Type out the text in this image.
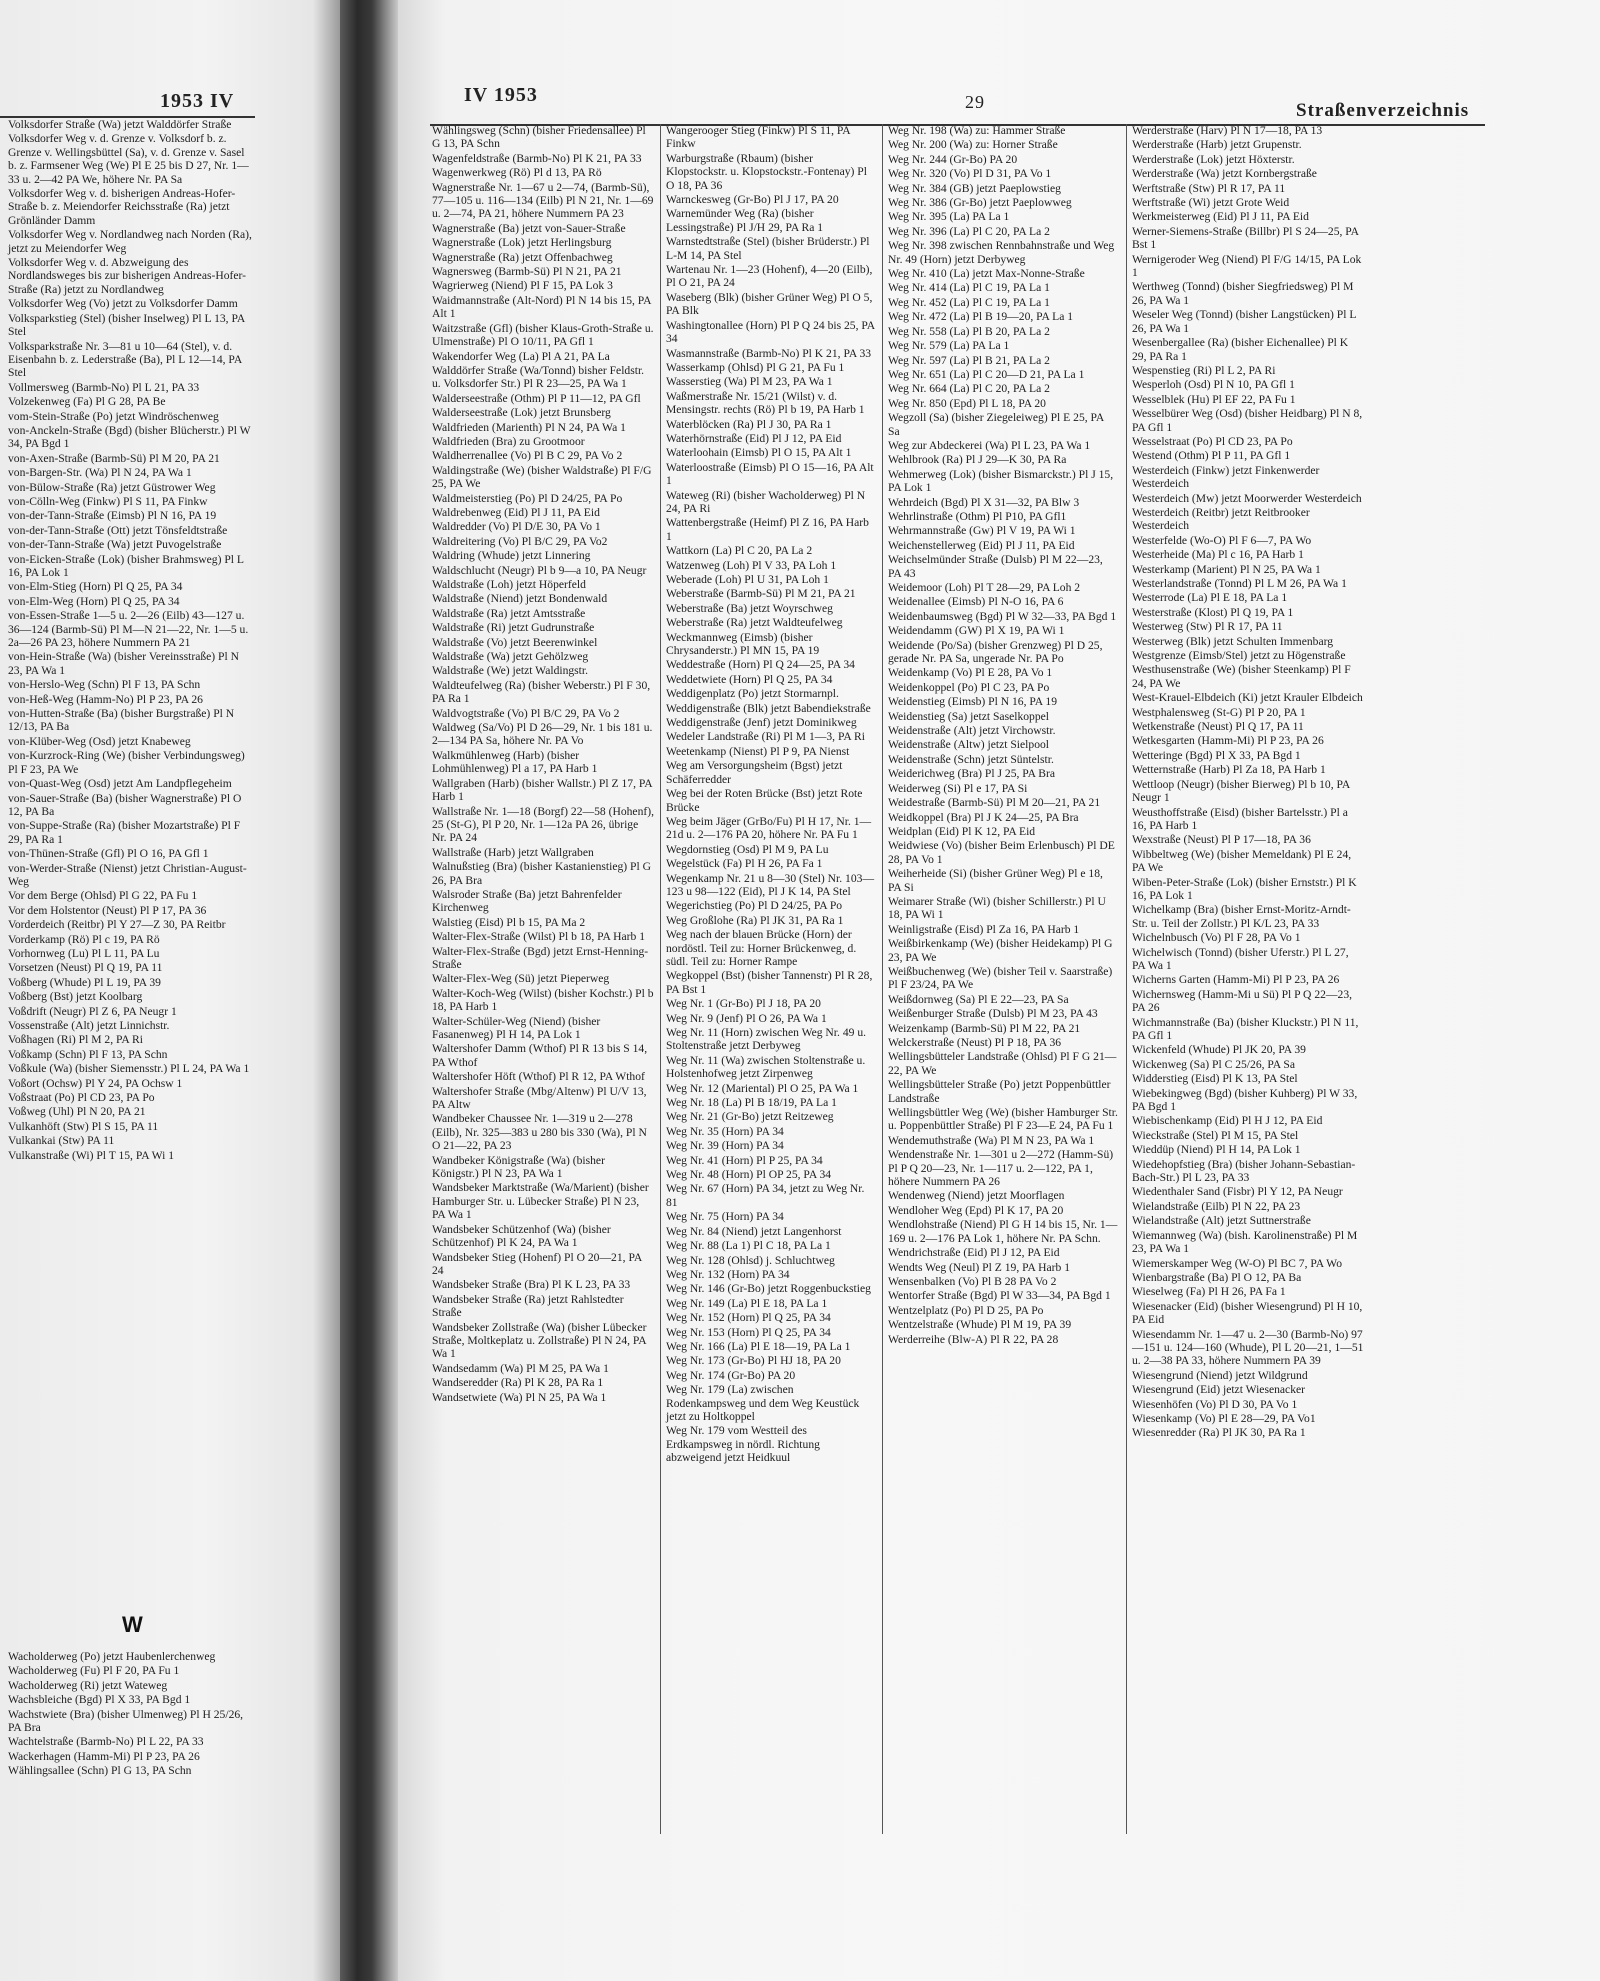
1953 IV
Volksdorfer Straße (Wa) jetzt Walddörfer Straße
Volksdorfer Weg v. d. Grenze v. Volksdorf b. z. Grenze v. Wellingsbüttel (Sa), v. d. Grenze v. Sasel b. z. Farmsener Weg (We) Pl E 25 bis D 27, Nr. 1—33 u. 2—42 PA We, höhere Nr. PA Sa
Volksdorfer Weg v. d. bisherigen Andreas-Hofer-Straße b. z. Meiendorfer Reichsstraße (Ra) jetzt Grönländer Damm
Volksdorfer Weg v. Nordlandweg nach Norden (Ra), jetzt zu Meiendorfer Weg
Volksdorfer Weg v. d. Abzweigung des Nordlandsweges bis zur bisherigen Andreas-Hofer-Straße (Ra) jetzt zu Nordlandweg
Volksdorfer Weg (Vo) jetzt zu Volksdorfer Damm
Volksparkstieg (Stel) (bisher Inselweg) Pl L 13, PA Stel
Volksparkstraße Nr. 3—81 u 10—64 (Stel), v. d. Eisenbahn b. z. Lederstraße (Ba), Pl L 12—14, PA Stel
Vollmersweg (Barmb-No) Pl L 21, PA 33
Volzekenweg (Fa) Pl G 28, PA Be
vom-Stein-Straße (Po) jetzt Windröschenweg
von-Anckeln-Straße (Bgd) (bisher Blücherstr.) Pl W 34, PA Bgd 1
von-Axen-Straße (Barmb-Sü) Pl M 20, PA 21
von-Bargen-Str. (Wa) Pl N 24, PA Wa 1
von-Bülow-Straße (Ra) jetzt Güstrower Weg
von-Cölln-Weg (Finkw) Pl S 11, PA Finkw
von-der-Tann-Straße (Eimsb) Pl N 16, PA 19
von-der-Tann-Straße (Ott) jetzt Tönsfeldtstraße
von-der-Tann-Straße (Wa) jetzt Puvogelstraße
von-Eicken-Straße (Lok) (bisher Brahmsweg) Pl L 16, PA Lok 1
von-Elm-Stieg (Horn) Pl Q 25, PA 34
von-Elm-Weg (Horn) Pl Q 25, PA 34
von-Essen-Straße 1—5 u. 2—26 (Eilb) 43—127 u. 36—124 (Barmb-Sü) Pl M—N 21—22, Nr. 1—5 u. 2a—26 PA 23, höhere Nummern PA 21
von-Hein-Straße (Wa) (bisher Vereinsstraße) Pl N 23, PA Wa 1
von-Herslo-Weg (Schn) Pl F 13, PA Schn
von-Heß-Weg (Hamm-No) Pl P 23, PA 26
von-Hutten-Straße (Ba) (bisher Burgstraße) Pl N 12/13, PA Ba
von-Klüber-Weg (Osd) jetzt Knabeweg
von-Kurzrock-Ring (We) (bisher Verbindungsweg) Pl F 23, PA We
von-Quast-Weg (Osd) jetzt Am Landpflegeheim
von-Sauer-Straße (Ba) (bisher Wagnerstraße) Pl O 12, PA Ba
von-Suppe-Straße (Ra) (bisher Mozartstraße) Pl F 29, PA Ra 1
von-Thünen-Straße (Gfl) Pl O 16, PA Gfl 1
von-Werder-Straße (Nienst) jetzt Christian-August-Weg
Vor dem Berge (Ohlsd) Pl G 22, PA Fu 1
Vor dem Holstentor (Neust) Pl P 17, PA 36
Vorderdeich (Reitbr) Pl Y 27—Z 30, PA Reitbr
Vorderkamp (Rö) Pl c 19, PA Rö
Vorhornweg (Lu) Pl L 11, PA Lu
Vorsetzen (Neust) Pl Q 19, PA 11
Voßberg (Whude) Pl L 19, PA 39
Voßberg (Bst) jetzt Koolbarg
Voßdrift (Neugr) Pl Z 6, PA Neugr 1
Vossenstraße (Alt) jetzt Linnichstr.
Voßhagen (Ri) Pl M 2, PA Ri
Voßkamp (Schn) Pl F 13, PA Schn
Voßkule (Wa) (bisher Siemensstr.) Pl L 24, PA Wa 1
Voßort (Ochsw) Pl Y 24, PA Ochsw 1
Voßstraat (Po) Pl CD 23, PA Po
Voßweg (Uhl) Pl N 20, PA 21
Vulkanhöft (Stw) Pl S 15, PA 11
Vulkankai (Stw) PA 11
Vulkanstraße (Wi) Pl T 15, PA Wi 1
W
Wacholderweg (Po) jetzt Haubenlerchenweg
Wacholderweg (Fu) Pl F 20, PA Fu 1
Wacholderweg (Ri) jetzt Wateweg
Wachsbleiche (Bgd) Pl X 33, PA Bgd 1
Wachstwiete (Bra) (bisher Ulmenweg) Pl H 25/26, PA Bra
Wachtelstraße (Barmb-No) Pl L 22, PA 33
Wackerhagen (Hamm-Mi) Pl P 23, PA 26
Wählingsallee (Schn) Pl G 13, PA Schn
IV 1953	29	Straßenverzeichnis
Wählingsweg (Schn) (bisher Friedensallee) Pl G 13, PA Schn
Wagenfeldstraße (Barmb-No) Pl K 21, PA 33
Wagenwerkweg (Rö) Pl d 13, PA Rö
Wagnerstraße Nr. 1—67 u 2—74, (Barmb-Sü), 77—105 u. 116—134 (Eilb) Pl N 21, Nr. 1—69 u. 2—74, PA 21, höhere Nummern PA 23
Wagnerstraße (Ba) jetzt von-Sauer-Straße
Wagnerstraße (Lok) jetzt Herlingsburg
Wagnerstraße (Ra) jetzt Offenbachweg
Wagnersweg (Barmb-Sü) Pl N 21, PA 21
Wagrierweg (Niend) Pl F 15, PA Lok 3
Waidmannstraße (Alt-Nord) Pl N 14 bis 15, PA Alt 1
Waitzstraße (Gfl) (bisher Klaus-Groth-Straße u. Ulmenstraße) Pl O 10/11, PA Gfl 1
Wakendorfer Weg (La) Pl A 21, PA La
Walddörfer Straße (Wa/Tonnd) bisher Feldstr. u. Volksdorfer Str.) Pl R 23—25, PA Wa 1
Walderseestraße (Othm) Pl P 11—12, PA Gfl
Walderseestraße (Lok) jetzt Brunsberg
Waldfrieden (Marienth) Pl N 24, PA Wa 1
Waldfrieden (Bra) zu Grootmoor
Waldherrenallee (Vo) Pl B C 29, PA Vo 2
Waldingstraße (We) (bisher Waldstraße) Pl F/G 25, PA We
Waldmeisterstieg (Po) Pl D 24/25, PA Po
Waldrebenweg (Eid) Pl J 11, PA Eid
Waldredder (Vo) Pl D/E 30, PA Vo 1
Waldreitering (Vo) Pl B/C 29, PA Vo2
Waldring (Whude) jetzt Linnering
Waldschlucht (Neugr) Pl b 9—a 10, PA Neugr
Waldstraße (Loh) jetzt Höperfeld
Waldstraße (Niend) jetzt Bondenwald
Waldstraße (Ra) jetzt Amtsstraße
Waldstraße (Ri) jetzt Gudrunstraße
Waldstraße (Vo) jetzt Beerenwinkel
Waldstraße (Wa) jetzt Gehölzweg
Waldstraße (We) jetzt Waldingstr.
Waldteufelweg (Ra) (bisher Weberstr.) Pl F 30, PA Ra 1
Waldvogtstraße (Vo) Pl B/C 29, PA Vo 2
Waldweg (Sa/Vo) Pl D 26—29, Nr. 1 bis 181 u. 2—134 PA Sa, höhere Nr. PA Vo
Walkmühlenweg (Harb) (bisher Lohmühlenweg) Pl a 17, PA Harb 1
Wallgraben (Harb) (bisher Wallstr.) Pl Z 17, PA Harb 1
Wallstraße Nr. 1—18 (Borgf) 22—58 (Hohenf), 25 (St-G), Pl P 20, Nr. 1—12a PA 26, übrige Nr. PA 24
Wallstraße (Harb) jetzt Wallgraben
Walnußstieg (Bra) (bisher Kastanienstieg) Pl G 26, PA Bra
Walsroder Straße (Ba) jetzt Bahrenfelder Kirchenweg
Walstieg (Eisd) Pl b 15, PA Ma 2
Walter-Flex-Straße (Wilst) Pl b 18, PA Harb 1
Walter-Flex-Straße (Bgd) jetzt Ernst-Henning-Straße
Walter-Flex-Weg (Sü) jetzt Pieperweg
Walter-Koch-Weg (Wilst) (bisher Kochstr.) Pl b 18, PA Harb 1
Walter-Schüler-Weg (Niend) (bisher Fasanenweg) Pl H 14, PA Lok 1
Waltershofer Damm (Wthof) Pl R 13 bis S 14, PA Wthof
Waltershofer Höft (Wthof) Pl R 12, PA Wthof
Waltershofer Straße (Mbg/Altenw) Pl U/V 13, PA Altw
Wandbeker Chaussee Nr. 1—319 u 2—278 (Eilb), Nr. 325—383 u 280 bis 330 (Wa), Pl N O 21—22, PA 23
Wandbeker Königstraße (Wa) (bisher Königstr.) Pl N 23, PA Wa 1
Wandsbeker Marktstraße (Wa/Marient) (bisher Hamburger Str. u. Lübecker Straße) Pl N 23, PA Wa 1
Wandsbeker Schützenhof (Wa) (bisher Schützenhof) Pl K 24, PA Wa 1
Wandsbeker Stieg (Hohenf) Pl O 20—21, PA 24
Wandsbeker Straße (Bra) Pl K L 23, PA 33
Wandsbeker Straße (Ra) jetzt Rahlstedter Straße
Wandsbeker Zollstraße (Wa) (bisher Lübecker Straße, Moltkeplatz u. Zollstraße) Pl N 24, PA Wa 1
Wandsedamm (Wa) Pl M 25, PA Wa 1
Wandseredder (Ra) Pl K 28, PA Ra 1
Wandsetwiete (Wa) Pl N 25, PA Wa 1
Wangerooger Stieg (Finkw) Pl S 11, PA Finkw
Warburgstraße (Rbaum) (bisher Klopstockstr. u. Klopstockstr.-Fontenay) Pl O 18, PA 36
Warnckesweg (Gr-Bo) Pl J 17, PA 20
Warnemünder Weg (Ra) (bisher Lessingstraße) Pl J/H 29, PA Ra 1
Warnstedtstraße (Stel) (bisher Brüderstr.) Pl L-M 14, PA Stel
Wartenau Nr. 1—23 (Hohenf), 4—20 (Eilb), Pl O 21, PA 24
Waseberg (Blk) (bisher Grüner Weg) Pl O 5, PA Blk
Washingtonallee (Horn) Pl P Q 24 bis 25, PA 34
Wasmannstraße (Barmb-No) Pl K 21, PA 33
Wasserkamp (Ohlsd) Pl G 21, PA Fu 1
Wasserstieg (Wa) Pl M 23, PA Wa 1
Waßmerstraße Nr. 15/21 (Wilst) v. d. Mensingstr. rechts (Rö) Pl b 19, PA Harb 1
Waterblöcken (Ra) Pl J 30, PA Ra 1
Waterhörnstraße (Eid) Pl J 12, PA Eid
Waterloohain (Eimsb) Pl O 15, PA Alt 1
Waterloostraße (Eimsb) Pl O 15—16, PA Alt 1
Wateweg (Ri) (bisher Wacholderweg) Pl N 24, PA Ri
Wattenbergstraße (Heimf) Pl Z 16, PA Harb 1
Wattkorn (La) Pl C 20, PA La 2
Watzenweg (Loh) Pl V 33, PA Loh 1
Weberade (Loh) Pl U 31, PA Loh 1
Weberstraße (Barmb-Sü) Pl M 21, PA 21
Weberstraße (Ba) jetzt Woyrschweg
Weberstraße (Ra) jetzt Waldteufelweg
Weckmannweg (Eimsb) (bisher Chrysanderstr.) Pl MN 15, PA 19
Weddestraße (Horn) Pl Q 24—25, PA 34
Weddetwiete (Horn) Pl Q 25, PA 34
Weddigenplatz (Po) jetzt Stormarnpl.
Weddigenstraße (Blk) jetzt Babendiekstraße
Weddigenstraße (Jenf) jetzt Dominikweg
Wedeler Landstraße (Ri) Pl M 1—3, PA Ri
Weetenkamp (Nienst) Pl P 9, PA Nienst
Weg am Versorgungsheim (Bgst) jetzt Schäferredder
Weg bei der Roten Brücke (Bst) jetzt Rote Brücke
Weg beim Jäger (GrBo/Fu) Pl H 17, Nr. 1—21d u. 2—176 PA 20, höhere Nr. PA Fu 1
Wegdornstieg (Osd) Pl M 9, PA Lu
Wegelstück (Fa) Pl H 26, PA Fa 1
Wegenkamp Nr. 21 u 8—30 (Stel) Nr. 103—123 u 98—122 (Eid), Pl J K 14, PA Stel
Wegerichstieg (Po) Pl D 24/25, PA Po
Weg Großlohe (Ra) Pl JK 31, PA Ra 1
Weg nach der blauen Brücke (Horn) der nordöstl. Teil zu: Horner Brückenweg, d. südl. Teil zu: Horner Rampe
Wegkoppel (Bst) (bisher Tannenstr) Pl R 28, PA Bst 1
Weg Nr. 1 (Gr-Bo) Pl J 18, PA 20
Weg Nr. 9 (Jenf) Pl O 26, PA Wa 1
Weg Nr. 11 (Horn) zwischen Weg Nr. 49 u. Stoltenstraße jetzt Derbyweg
Weg Nr. 11 (Wa) zwischen Stoltenstraße u. Holstenhofweg jetzt Zirpenweg
Weg Nr. 12 (Mariental) Pl O 25, PA Wa 1
Weg Nr. 18 (La) Pl B 18/19, PA La 1
Weg Nr. 21 (Gr-Bo) jetzt Reitzeweg
Weg Nr. 35 (Horn) PA 34
Weg Nr. 39 (Horn) PA 34
Weg Nr. 41 (Horn) Pl P 25, PA 34
Weg Nr. 48 (Horn) Pl OP 25, PA 34
Weg Nr. 67 (Horn) PA 34, jetzt zu Weg Nr. 81
Weg Nr. 75 (Horn) PA 34
Weg Nr. 84 (Niend) jetzt Langenhorst
Weg Nr. 88 (La 1) Pl C 18, PA La 1
Weg Nr. 128 (Ohlsd) j. Schluchtweg
Weg Nr. 132 (Horn) PA 34
Weg Nr. 146 (Gr-Bo) jetzt Roggenbuckstieg
Weg Nr. 149 (La) Pl E 18, PA La 1
Weg Nr. 152 (Horn) Pl Q 25, PA 34
Weg Nr. 153 (Horn) Pl Q 25, PA 34
Weg Nr. 166 (La) Pl E 18—19, PA La 1
Weg Nr. 173 (Gr-Bo) Pl HJ 18, PA 20
Weg Nr. 174 (Gr-Bo) PA 20
Weg Nr. 179 (La) zwischen Rodenkampsweg und dem Weg Keustück jetzt zu Holtkoppel
Weg Nr. 179 vom Westteil des Erdkampsweg in nördl. Richtung abzweigend jetzt Heidkuul
Weg Nr. 198 (Wa) zu: Hammer Straße
Weg Nr. 200 (Wa) zu: Horner Straße
Weg Nr. 244 (Gr-Bo) PA 20
Weg Nr. 320 (Vo) Pl D 31, PA Vo 1
Weg Nr. 384 (GB) jetzt Paeplowstieg
Weg Nr. 386 (Gr-Bo) jetzt Paeplowweg
Weg Nr. 395 (La) PA La 1
Weg Nr. 396 (La) Pl C 20, PA La 2
Weg Nr. 398 zwischen Rennbahnstraße und Weg Nr. 49 (Horn) jetzt Derbyweg
Weg Nr. 410 (La) jetzt Max-Nonne-Straße
Weg Nr. 414 (La) Pl C 19, PA La 1
Weg Nr. 452 (La) Pl C 19, PA La 1
Weg Nr. 472 (La) Pl B 19—20, PA La 1
Weg Nr. 558 (La) Pl B 20, PA La 2
Weg Nr. 579 (La) PA La 1
Weg Nr. 597 (La) Pl B 21, PA La 2
Weg Nr. 651 (La) Pl C 20—D 21, PA La 1
Weg Nr. 664 (La) Pl C 20, PA La 2
Weg Nr. 850 (Epd) Pl L 18, PA 20
Wegzoll (Sa) (bisher Ziegeleiweg) Pl E 25, PA Sa
Weg zur Abdeckerei (Wa) Pl L 23, PA Wa 1
Wehlbrook (Ra) Pl J 29—K 30, PA Ra
Wehmerweg (Lok) (bisher Bismarckstr.) Pl J 15, PA Lok 1
Wehrdeich (Bgd) Pl X 31—32, PA Blw 3
Wehrlinstraße (Othm) Pl P10, PA Gfl1
Wehrmannstraße (Gw) Pl V 19, PA Wi 1
Weichenstellerweg (Eid) Pl J 11, PA Eid
Weichselmünder Straße (Dulsb) Pl M 22—23, PA 43
Weidemoor (Loh) Pl T 28—29, PA Loh 2
Weidenallee (Eimsb) Pl N-O 16, PA 6
Weidenbaumsweg (Bgd) Pl W 32—33, PA Bgd 1
Weidendamm (GW) Pl X 19, PA Wi 1
Weidende (Po/Sa) (bisher Grenzweg) Pl D 25, gerade Nr. PA Sa, ungerade Nr. PA Po
Weidenkamp (Vo) Pl E 28, PA Vo 1
Weidenkoppel (Po) Pl C 23, PA Po
Weidenstieg (Eimsb) Pl N 16, PA 19
Weidenstieg (Sa) jetzt Saselkoppel
Weidenstraße (Alt) jetzt Virchowstr.
Weidenstraße (Altw) jetzt Sielpool
Weidenstraße (Schn) jetzt Süntelstr.
Weiderichweg (Bra) Pl J 25, PA Bra
Weiderweg (Si) Pl e 17, PA Si
Weidestraße (Barmb-Sü) Pl M 20—21, PA 21
Weidkoppel (Bra) Pl J K 24—25, PA Bra
Weidplan (Eid) Pl K 12, PA Eid
Weidwiese (Vo) (bisher Beim Erlenbusch) Pl DE 28, PA Vo 1
Weiherheide (Si) (bisher Grüner Weg) Pl e 18, PA Si
Weimarer Straße (Wi) (bisher Schillerstr.) Pl U 18, PA Wi 1
Weinligstraße (Eisd) Pl Za 16, PA Harb 1
Weißbirkenkamp (We) (bisher Heidekamp) Pl G 23, PA We
Weißbuchenweg (We) (bisher Teil v. Saarstraße) Pl F 23/24, PA We
Weißdornweg (Sa) Pl E 22—23, PA Sa
Weißenburger Straße (Dulsb) Pl M 23, PA 43
Weizenkamp (Barmb-Sü) Pl M 22, PA 21
Welckerstraße (Neust) Pl P 18, PA 36
Wellingsbütteler Landstraße (Ohlsd) Pl F G 21—22, PA We
Wellingsbütteler Straße (Po) jetzt Poppenbüttler Landstraße
Wellingsbüttler Weg (We) (bisher Hamburger Str. u. Poppenbüttler Straße) Pl F 23—E 24, PA Fu 1
Wendemuthstraße (Wa) Pl M N 23, PA Wa 1
Wendenstraße Nr. 1—301 u 2—272 (Hamm-Sü) Pl P Q 20—23, Nr. 1—117 u. 2—122, PA 1, höhere Nummern PA 26
Wendenweg (Niend) jetzt Moorflagen
Wendloher Weg (Epd) Pl K 17, PA 20
Wendlohstraße (Niend) Pl G H 14 bis 15, Nr. 1—169 u. 2—176 PA Lok 1, höhere Nr. PA Schn.
Wendrichstraße (Eid) Pl J 12, PA Eid
Wendts Weg (Neul) Pl Z 19, PA Harb 1
Wensenbalken (Vo) Pl B 28 PA Vo 2
Wentorfer Straße (Bgd) Pl W 33—34, PA Bgd 1
Wentzelplatz (Po) Pl D 25, PA Po
Wentzelstraße (Whude) Pl M 19, PA 39
Werderreihe (Blw-A) Pl R 22, PA 28
Werderstraße (Harv) Pl N 17—18, PA 13
Werderstraße (Harb) jetzt Grupenstr.
Werderstraße (Lok) jetzt Höxterstr.
Werderstraße (Wa) jetzt Kornbergstraße
Werftstraße (Stw) Pl R 17, PA 11
Werftstraße (Wi) jetzt Grote Weid
Werkmeisterweg (Eid) Pl J 11, PA Eid
Werner-Siemens-Straße (Billbr) Pl S 24—25, PA Bst 1
Wernigeroder Weg (Niend) Pl F/G 14/15, PA Lok 1
Werthweg (Tonnd) (bisher Siegfriedsweg) Pl M 26, PA Wa 1
Weseler Weg (Tonnd) (bisher Langstücken) Pl L 26, PA Wa 1
Wesenbergallee (Ra) (bisher Eichenallee) Pl K 29, PA Ra 1
Wespenstieg (Ri) Pl L 2, PA Ri
Wesperloh (Osd) Pl N 10, PA Gfl 1
Wesselblek (Hu) Pl EF 22, PA Fu 1
Wesselbürer Weg (Osd) (bisher Heidbarg) Pl N 8, PA Gfl 1
Wesselstraat (Po) Pl CD 23, PA Po
Westend (Othm) Pl P 11, PA Gfl 1
Westerdeich (Finkw) jetzt Finkenwerder Westerdeich
Westerdeich (Mw) jetzt Moorwerder Westerdeich
Westerdeich (Reitbr) jetzt Reitbrooker Westerdeich
Westerfelde (Wo-O) Pl F 6—7, PA Wo
Westerheide (Ma) Pl c 16, PA Harb 1
Westerkamp (Marient) Pl N 25, PA Wa 1
Westerlandstraße (Tonnd) Pl L M 26, PA Wa 1
Westerrode (La) Pl E 18, PA La 1
Westerstraße (Klost) Pl Q 19, PA 1
Westerweg (Stw) Pl R 17, PA 11
Westerweg (Blk) jetzt Schulten Immenbarg
Westgrenze (Eimsb/Stel) jetzt zu Högenstraße
Westhusenstraße (We) (bisher Steenkamp) Pl F 24, PA We
West-Krauel-Elbdeich (Ki) jetzt Krauler Elbdeich
Westphalensweg (St-G) Pl P 20, PA 1
Wetkenstraße (Neust) Pl Q 17, PA 11
Wetkesgarten (Hamm-Mi) Pl P 23, PA 26
Wetteringe (Bgd) Pl X 33, PA Bgd 1
Wetternstraße (Harb) Pl Za 18, PA Harb 1
Wettloop (Neugr) (bisher Bierweg) Pl b 10, PA Neugr 1
Weusthoffstraße (Eisd) (bisher Bartelsstr.) Pl a 16, PA Harb 1
Wexstraße (Neust) Pl P 17—18, PA 36
Wibbeltweg (We) (bisher Memeldank) Pl E 24, PA We
Wiben-Peter-Straße (Lok) (bisher Ernststr.) Pl K 16, PA Lok 1
Wichelkamp (Bra) (bisher Ernst-Moritz-Arndt-Str. u. Teil der Zollstr.) Pl K/L 23, PA 33
Wichelnbusch (Vo) Pl F 28, PA Vo 1
Wichelwisch (Tonnd) (bisher Uferstr.) Pl L 27, PA Wa 1
Wicherns Garten (Hamm-Mi) Pl P 23, PA 26
Wichernsweg (Hamm-Mi u Sü) Pl P Q 22—23, PA 26
Wichmannstraße (Ba) (bisher Kluckstr.) Pl N 11, PA Gfl 1
Wickenfeld (Whude) Pl JK 20, PA 39
Wickenweg (Sa) Pl C 25/26, PA Sa
Widderstieg (Eisd) Pl K 13, PA Stel
Wiebekingweg (Bgd) (bisher Kuhberg) Pl W 33, PA Bgd 1
Wiebischenkamp (Eid) Pl H J 12, PA Eid
Wieckstraße (Stel) Pl M 15, PA Stel
Wieddüp (Niend) Pl H 14, PA Lok 1
Wiedehopfstieg (Bra) (bisher Johann-Sebastian-Bach-Str.) Pl L 23, PA 33
Wiedenthaler Sand (Fisbr) Pl Y 12, PA Neugr
Wielandstraße (Eilb) Pl N 22, PA 23
Wielandstraße (Alt) jetzt Suttnerstraße
Wiemannweg (Wa) (bish. Karolinenstraße) Pl M 23, PA Wa 1
Wiemerskamper Weg (W-O) Pl BC 7, PA Wo
Wienbargstraße (Ba) Pl O 12, PA Ba
Wieselweg (Fa) Pl H 26, PA Fa 1
Wiesenacker (Eid) (bisher Wiesengrund) Pl H 10, PA Eid
Wiesendamm Nr. 1—47 u. 2—30 (Barmb-No) 97—151 u. 124—160 (Whude), Pl L 20—21, 1—51 u. 2—38 PA 33, höhere Nummern PA 39
Wiesengrund (Niend) jetzt Wildgrund
Wiesengrund (Eid) jetzt Wiesenacker
Wiesenhöfen (Vo) Pl D 30, PA Vo 1
Wiesenkamp (Vo) Pl E 28—29, PA Vo1
Wiesenredder (Ra) Pl JK 30, PA Ra 1
